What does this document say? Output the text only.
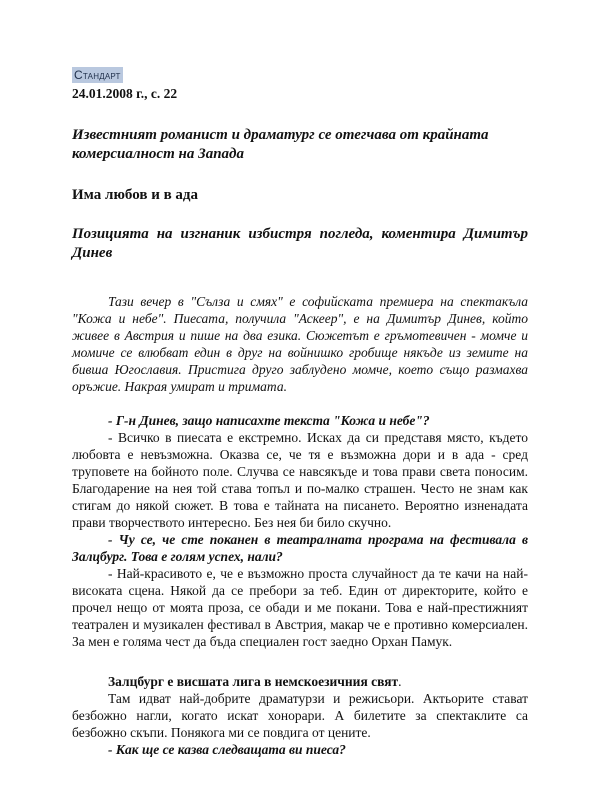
Стандарт
24.01.2008 г., с. 22
Известният романист и драматург се отегчава от крайната комерсиалност на Запада
Има любов и в ада
Позицията на изгнаник избистря погледа, коментира Димитър Динев

Тази вечер в "Сълза и смях" е софийската премиера на спектакъла "Кожа и небе". Пиесата, получила "Аскеер", е на Димитър Динев, който живее в Австрия и пише на два езика. Сюжетът е гръмотевичен - момче и момиче се влюбват един в друг на войнишко гробище някъде из земите на бивша Югославия. Пристига друго заблудено момче, което също размахва оръжие. Накрая умират и тримата.

- Г-н Динев, защо написахте текста "Кожа и небе"?

- Всичко в пиесата е екстремно. Исках да си представя място, където любовта е невъзможна. Оказва се, че тя е възможна дори и в ада - сред труповете на бойното поле. Случва се навсякъде и това прави света поносим. Благодарение на нея той става топъл и по-малко страшен. Често не знам как стигам до някой сюжет. В това е тайната на писането. Вероятно изненадата прави творчеството интересно. Без нея би било скучно.

- Чу се, че сте поканен в театралната програма на фестивала в Залцбург. Това е голям успех, нали?

- Най-красивото е, че е възможно проста случайност да те качи на най-високата сцена. Някой да се пребори за теб. Един от директорите, който е прочел нещо от моята проза, се обади и ме покани. Това е най-престижният театрален и музикален фестивал в Австрия, макар че е противно комерсиален. За мен е голяма чест да бъда специален гост заедно Орхан Памук.

Залцбург е висшата лига в немскоезичния свят.

Там идват най-добрите драматурзи и режисьори. Актьорите стават безбожно нагли, когато искат хонорари. А билетите за спектаклите са безбожно скъпи. Понякога ми се повдига от цените.

- Как ще се казва следващата ви пиеса?
